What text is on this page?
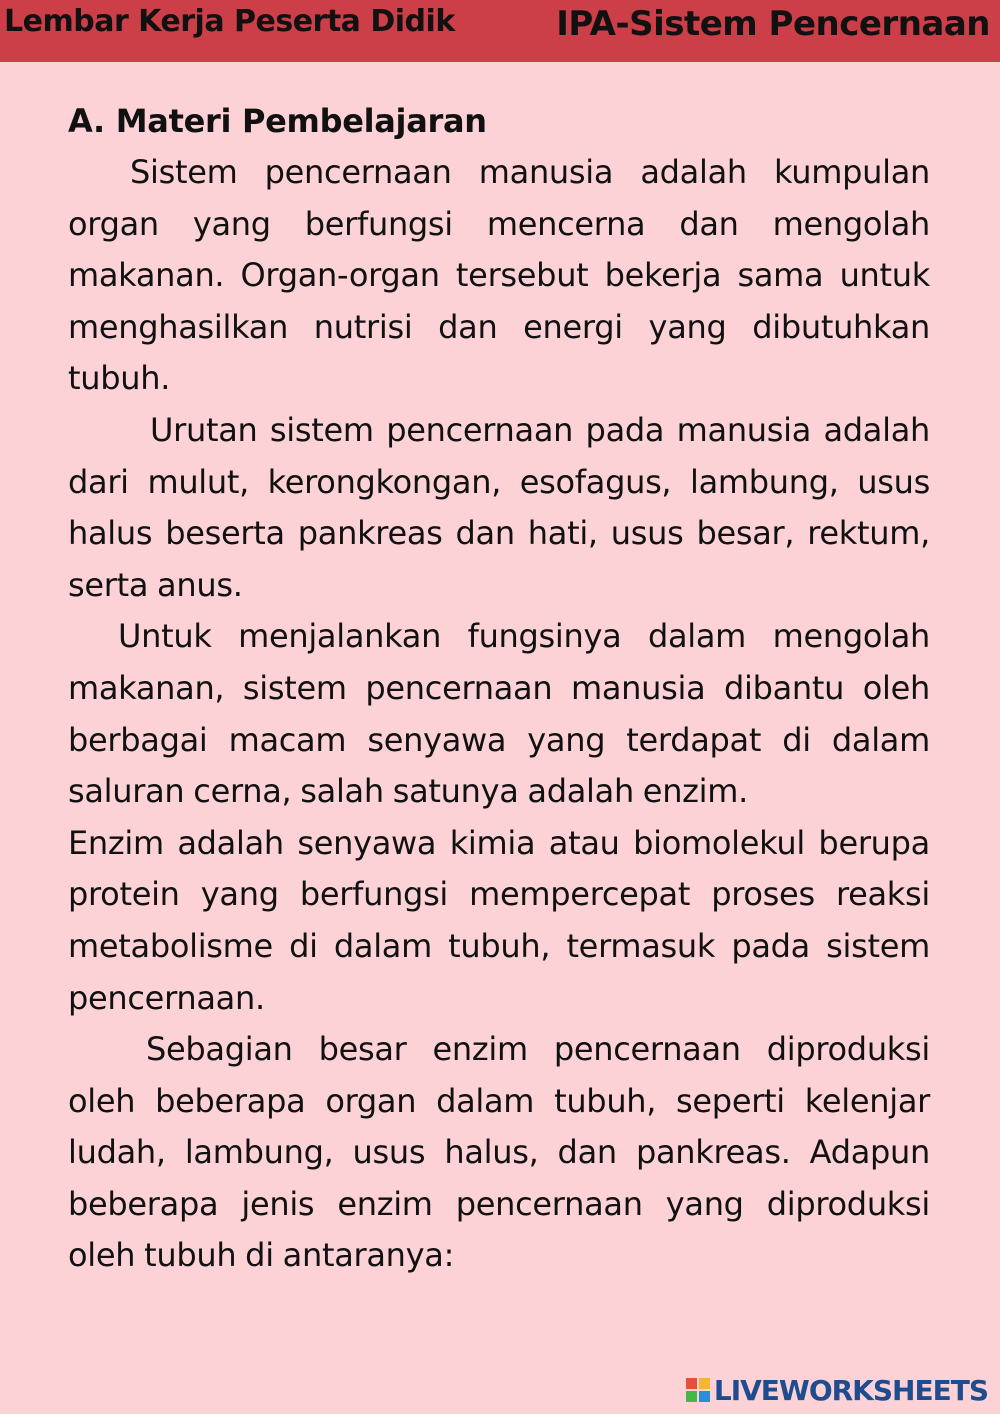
Lembar Kerja Peserta Didik	IPA-Sistem Pencernaan
A. Materi Pembelajaran

Sistem pencernaan manusia adalah kumpulan organ yang berfungsi mencerna dan mengolah makanan. Organ-organ tersebut bekerja sama untuk menghasilkan nutrisi dan energi yang dibutuhkan tubuh.

Urutan sistem pencernaan pada manusia adalah dari mulut, kerongkongan, esofagus, lambung, usus halus beserta pankreas dan hati, usus besar, rektum, serta anus.

Untuk menjalankan fungsinya dalam mengolah makanan, sistem pencernaan manusia dibantu oleh berbagai macam senyawa yang terdapat di dalam saluran cerna, salah satunya adalah enzim.

Enzim adalah senyawa kimia atau biomolekul berupa protein yang berfungsi mempercepat proses reaksi metabolisme di dalam tubuh, termasuk pada sistem pencernaan.

Sebagian besar enzim pencernaan diproduksi oleh beberapa organ dalam tubuh, seperti kelenjar ludah, lambung, usus halus, dan pankreas. Adapun beberapa jenis enzim pencernaan yang diproduksi oleh tubuh di antaranya:

LIVEWORKSHEETS
